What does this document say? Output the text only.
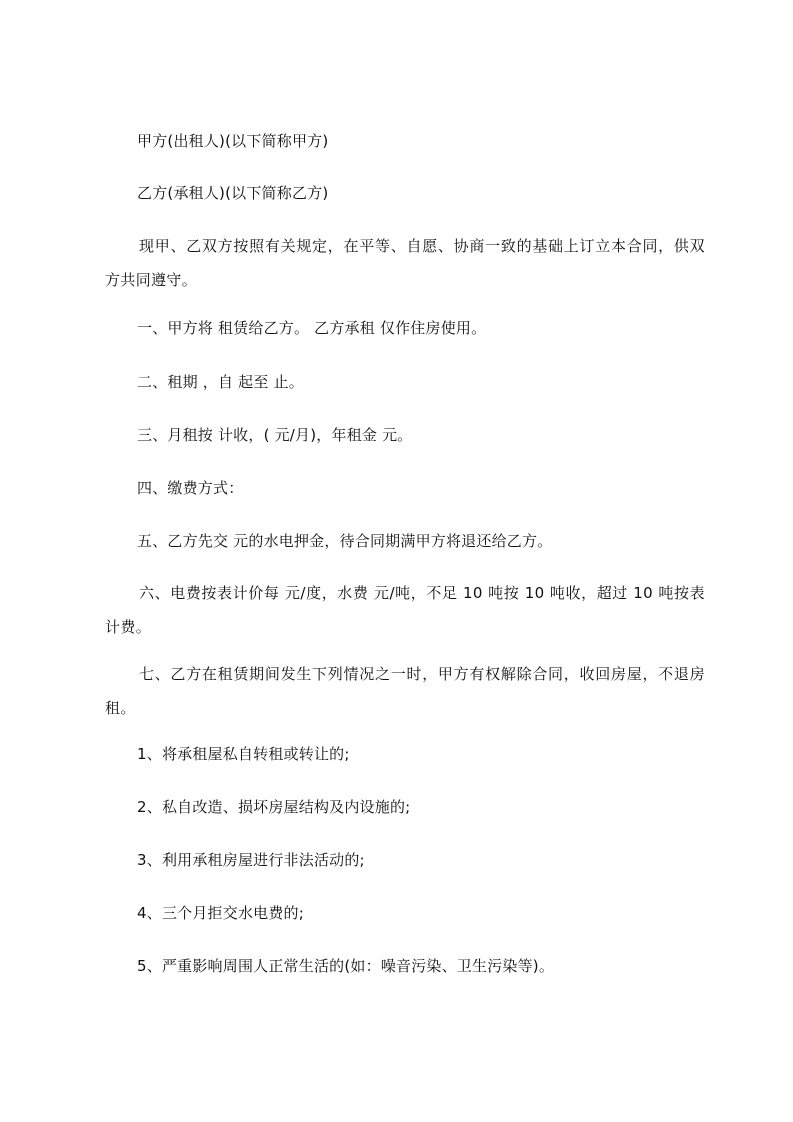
甲方(出租人)(以下简称甲方)
乙方(承租人)(以下简称乙方)
现甲、乙双方按照有关规定，在平等、自愿、协商一致的基础上订立本合同，供双方共同遵守。
一、甲方将 租赁给乙方。 乙方承租 仅作住房使用。
二、租期 ，自 起至 止。
三、月租按 计收，( 元/月)，年租金 元。
四、缴费方式：
五、乙方先交 元的水电押金，待合同期满甲方将退还给乙方。
六、电费按表计价每 元/度，水费 元/吨，不足 10 吨按 10 吨收，超过 10 吨按表计费。
七、乙方在租赁期间发生下列情况之一时，甲方有权解除合同，收回房屋，不退房租。
1、将承租屋私自转租或转让的;
2、私自改造、损坏房屋结构及内设施的;
3、利用承租房屋进行非法活动的;
4、三个月拒交水电费的;
5、严重影响周围人正常生活的(如：噪音污染、卫生污染等)。
